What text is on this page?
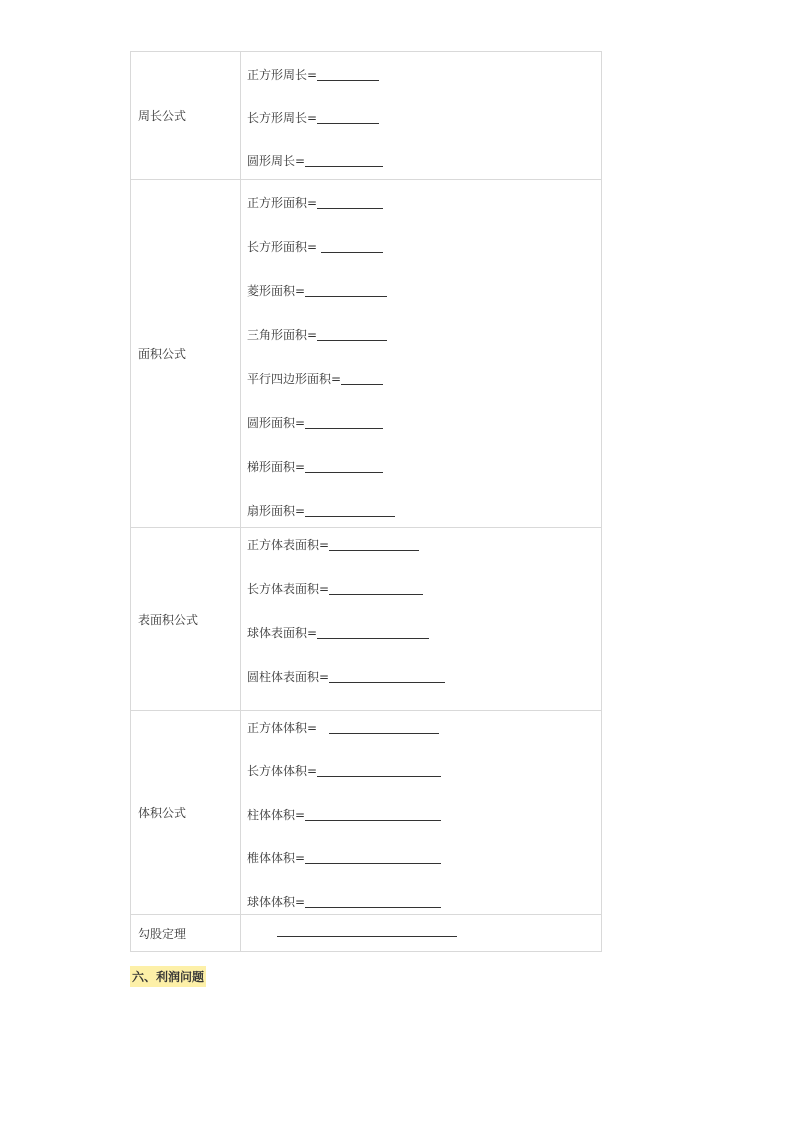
周长公式
正方形周长=
长方形周长=
圆形周长=
面积公式
正方形面积=
长方形面积=
菱形面积=
三角形面积=
平行四边形面积=
圆形面积=
梯形面积=
扇形面积=
表面积公式
正方体表面积=
长方体表面积=
球体表面积=
圆柱体表面积=
体积公式
正方体体积=
长方体体积=
柱体体积=
椎体体积=
球体体积=
勾股定理
六、利润问题
